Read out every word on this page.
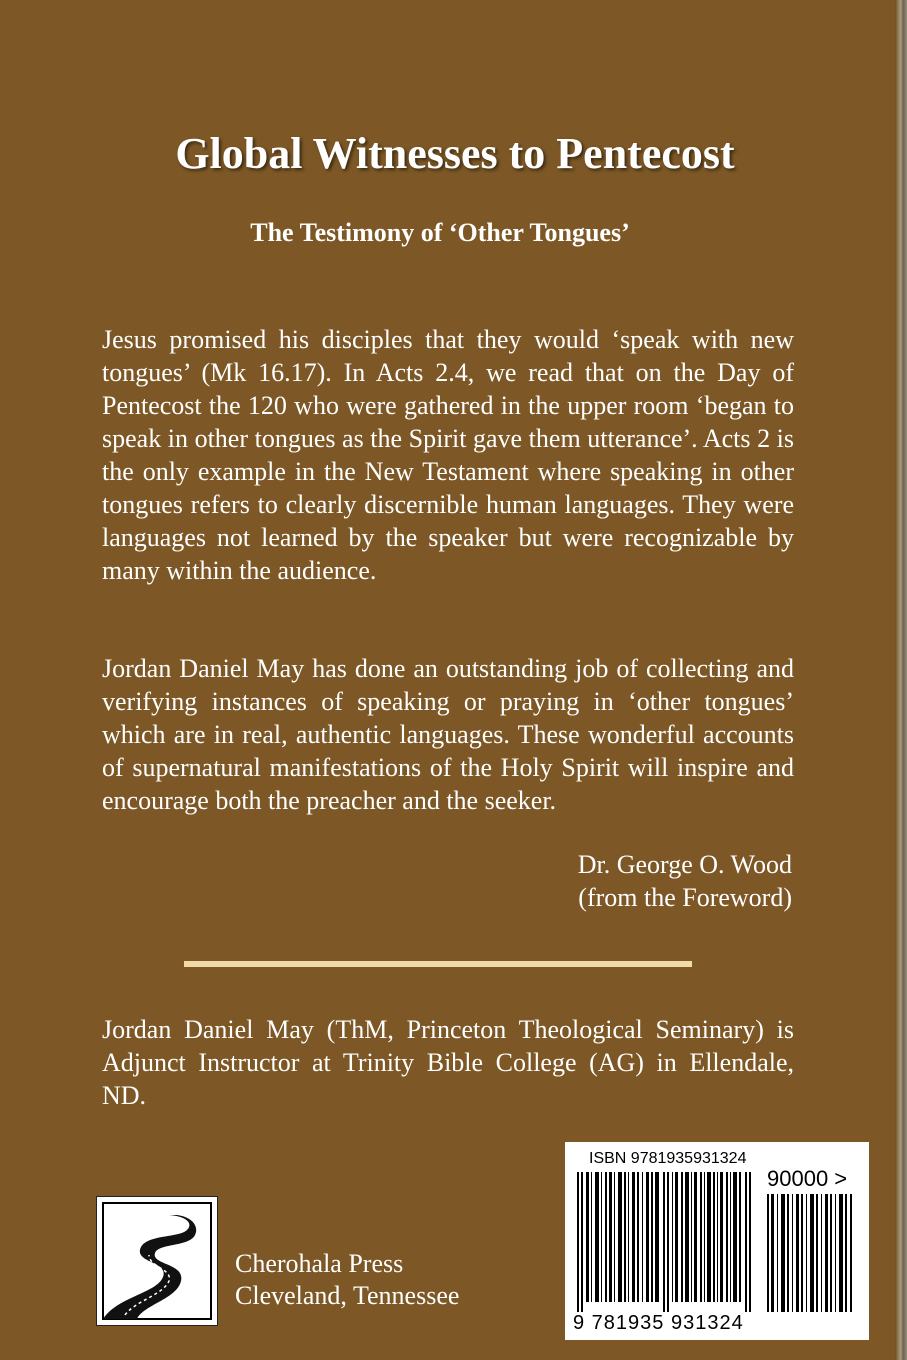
Global Witnesses to Pentecost
The Testimony of ‘Other Tongues’

Jesus promised his disciples that they would ‘speak with new tongues’ (Mk 16.17). In Acts 2.4, we read that on the Day of Pentecost the 120 who were gathered in the upper room ‘began to speak in other tongues as the Spirit gave them utterance’. Acts 2 is the only example in the New Testament where speaking in other tongues refers to clearly discernible human languages. They were languages not learned by the speaker but were recognizable by many within the audience.

Jordan Daniel May has done an outstanding job of collecting and verifying instances of speaking or praying in ‘other tongues’ which are in real, authentic languages. These wonderful accounts of supernatural manifestations of the Holy Spirit will inspire and encourage both the preacher and the seeker.

Dr. George O. Wood
(from the Foreword)

Jordan Daniel May (ThM, Princeton Theological Seminary) is Adjunct Instructor at Trinity Bible College (AG) in Ellendale, ND.

Cherohala Press
Cleveland, Tennessee
ISBN 9781935931324
90000 >
9 781935 931324
